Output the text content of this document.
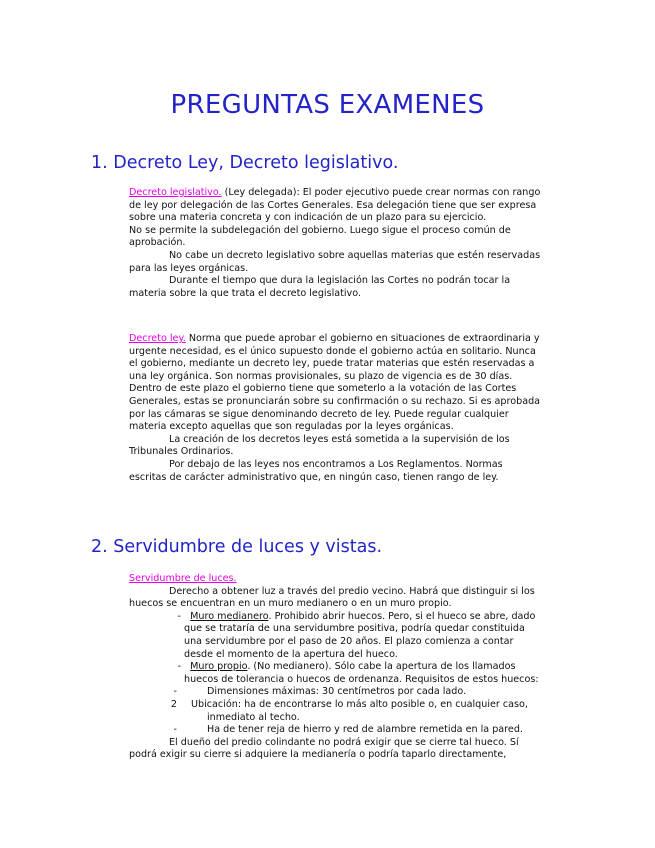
PREGUNTAS EXAMENES
1. Decreto Ley, Decreto legislativo.

Decreto legislativo. (Ley delegada): El poder ejecutivo puede crear normas con rango de ley por delegación de las Cortes Generales. Esa delegación tiene que ser expresa sobre una materia concreta y con indicación de un plazo para su ejercicio.

No se permite la subdelegación del gobierno. Luego sigue el proceso común de aprobación.

No cabe un decreto legislativo sobre aquellas materias que estén reservadas para las leyes orgánicas.

Durante el tiempo que dura la legislación las Cortes no podrán tocar la materia sobre la que trata el decreto legislativo.

Decreto ley. Norma que puede aprobar el gobierno en situaciones de extraordinaria y urgente necesidad, es el único supuesto donde el gobierno actúa en solitario. Nunca el gobierno, mediante un decreto ley, puede tratar materias que estén reservadas a una ley orgánica. Son normas provisionales, su plazo de vigencia es de 30 días. Dentro de este plazo el gobierno tiene que someterlo a la votación de las Cortes Generales, estas se pronunciarán sobre su confirmación o su rechazo. Si es aprobada por las cámaras se sigue denominando decreto de ley. Puede regular cualquier materia excepto aquellas que son reguladas por la leyes orgánicas.

La creación de los decretos leyes está sometida a la supervisión de los Tribunales Ordinarios.

Por debajo de las leyes nos encontramos a Los Reglamentos. Normas escritas de carácter administrativo que, en ningún caso, tienen rango de ley.

2. Servidumbre de luces y vistas.

Servidumbre de luces.

Derecho a obtener luz a través del predio vecino. Habrá que distinguir si los huecos se encuentran en un muro medianero o en un muro propio.

- Muro medianero. Prohibido abrir huecos. Pero, si el hueco se abre, dado que se trataría de una servidumbre positiva, podría quedar constituida una servidumbre por el paso de 20 años. El plazo comienza a contar desde el momento de la apertura del hueco.

- Muro propio. (No medianero). Sólo cabe la apertura de los llamados huecos de tolerancia o huecos de ordenanza. Requisitos de estos huecos:

-	Dimensiones máximas: 30 centímetros por cada lado.

2 Ubicación: ha de encontrarse lo más alto posible o, en cualquier caso, inmediato al techo.

-	Ha de tener reja de hierro y red de alambre remetida en la pared.

El dueño del predio colindante no podrá exigir que se cierre tal hueco. Sí podrá exigir su cierre si adquiere la medianería o podría taparlo directamente,
